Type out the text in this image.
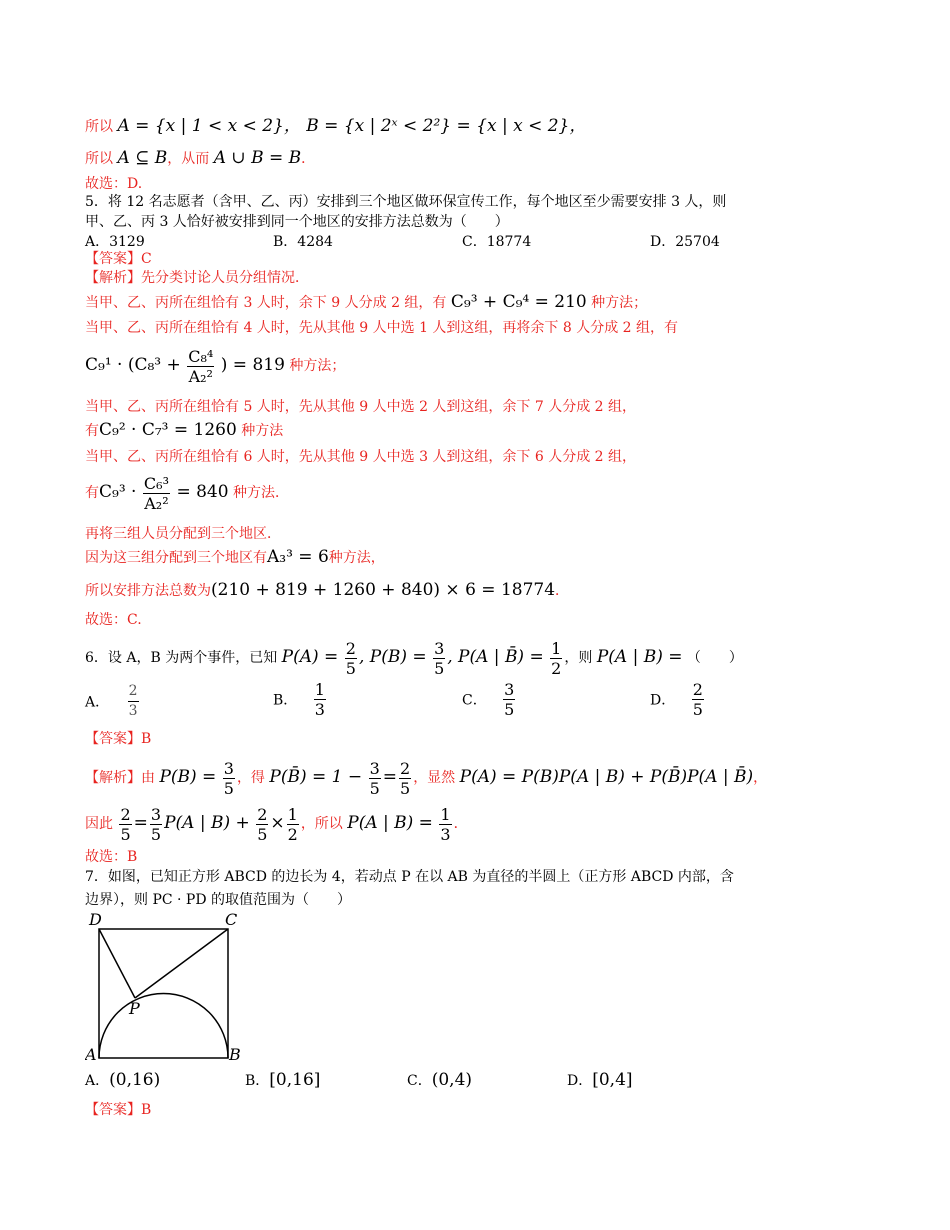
所以 A = {x | 1 < x < 2}， B = {x | 2ˣ < 2²} = {x | x < 2}，
所以 A ⊆ B，从而 A ∪ B = B．
故选：D.
5．将 12 名志愿者（含甲、乙、丙）安排到三个地区做环保宣传工作，每个地区至少需要安排 3 人，则
甲、乙、丙 3 人恰好被安排到同一个地区的安排方法总数为（　　）
A．3129	B．4284	C．18774	D．25704
【答案】C
【解析】先分类讨论人员分组情况．
当甲、乙、丙所在组恰有 3 人时，余下 9 人分成 2 组，有 C₉³ + C₉⁴ = 210 种方法；
当甲、乙、丙所在组恰有 4 人时，先从其他 9 人中选 1 人到这组，再将余下 8 人分成 2 组，有
$C_9^1 \cdot (C_8^3 + \frac{\text{C₈⁴}}{\text{A₂²}}$ ) = 819 种方法；
当甲、乙、丙所在组恰有 5 人时，先从其他 9 人中选 2 人到这组，余下 7 人分成 2 组，
有C₉² · C₇³ = 1260 种方法
当甲、乙、丙所在组恰有 6 人时，先从其他 9 人中选 3 人到这组，余下 6 人分成 2 组，
有$C_9^3 \cdot \frac{\text{C₆³}}{\text{A₂²}} = 840$ 种方法．
再将三组人员分配到三个地区．
因为这三组分配到三个地区有A₃³ = 6种方法，
所以安排方法总数为(210 + 819 + 1260 + 840) × 6 = 18774．
故选：C.
6．设 A，B 为两个事件，已知 $P(A) = \frac{2}{5}$ , $P(B) = \frac{3}{5}$ , P(A | B̄) = $\frac{1}{2}$ ，则 P(A | B) = （　　）
A． $\frac{2}{3}$	B． $\frac{1}{3}$	C． $\frac{3}{5}$	D． $\frac{2}{5}$
【答案】B
【解析】由 $P(B) = \frac{3}{5}$ ，得 P(B̄) = $1 - \frac{3}{5} = \frac{2}{5}$ ，显然 P(A) = P(B)P(A | B) + P(B̄)P(A | B̄)，
因此 $\frac{2}{5} = \frac{3}{5} P(A$ | $B) + \frac{2}{5} \times \frac{1}{2}$ ，所以 P(A | $B) = \frac{1}{3}$ ．
故选：B
7．如图，已知正方形 ABCD 的边长为 4，若动点 P 在以 AB 为直径的半圆上（正方形 ABCD 内部，含
边界），则 PC · PD 的取值范围为（　　）
D	C
P
A	B
A．(0,16)	B．[0,16]	C．(0,4)	D．[0,4]
【答案】B
